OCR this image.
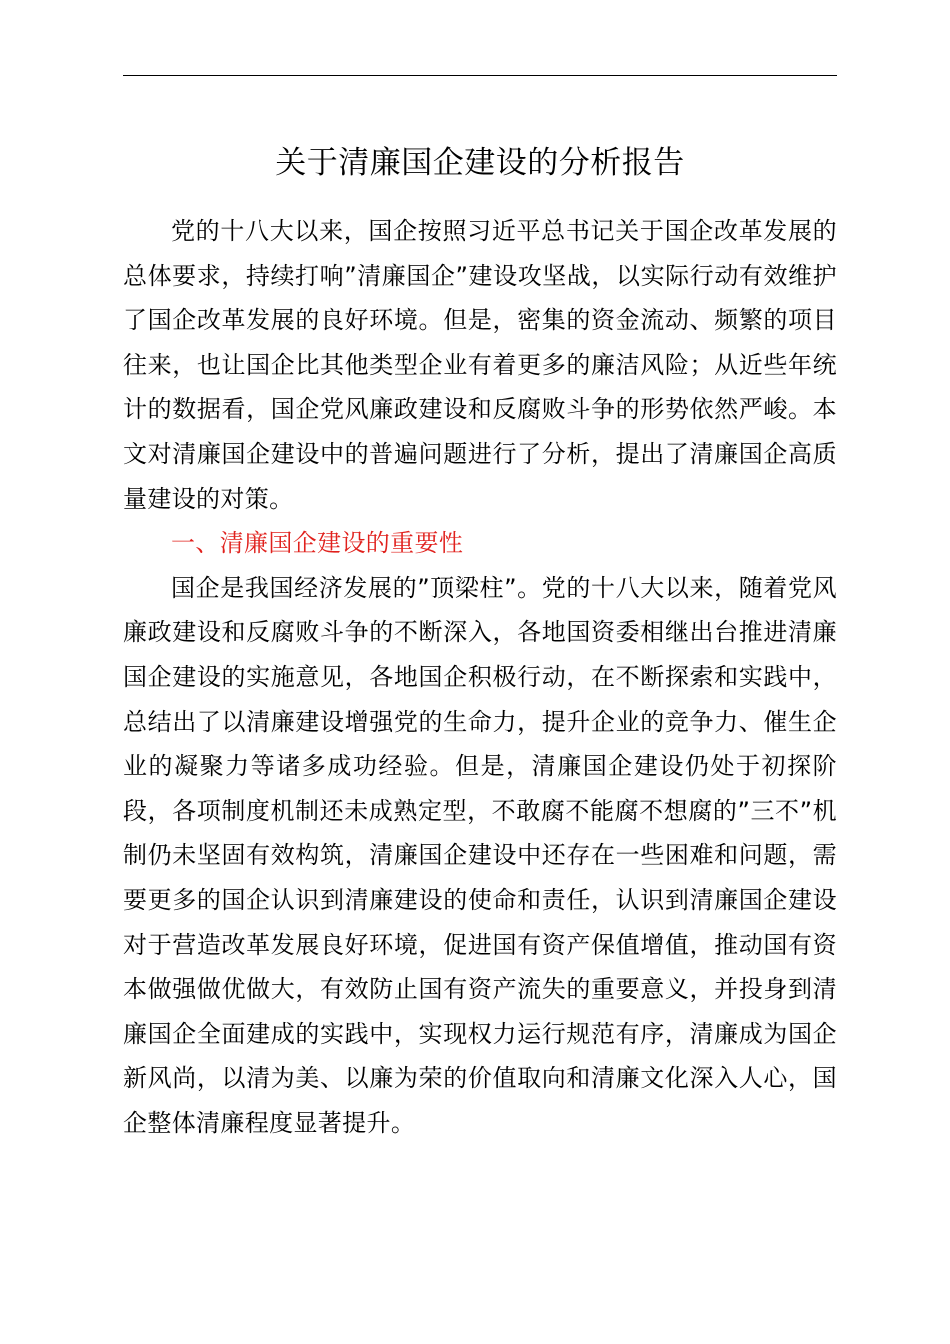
关于清廉国企建设的分析报告

党的十八大以来，国企按照习近平总书记关于国企改革发展的总体要求，持续打响”清廉国企”建设攻坚战，以实际行动有效维护了国企改革发展的良好环境。但是，密集的资金流动、频繁的项目往来，也让国企比其他类型企业有着更多的廉洁风险；从近些年统计的数据看，国企党风廉政建设和反腐败斗争的形势依然严峻。本文对清廉国企建设中的普遍问题进行了分析，提出了清廉国企高质量建设的对策。

一、清廉国企建设的重要性

国企是我国经济发展的”顶梁柱”。党的十八大以来，随着党风廉政建设和反腐败斗争的不断深入，各地国资委相继出台推进清廉国企建设的实施意见，各地国企积极行动，在不断探索和实践中，总结出了以清廉建设增强党的生命力，提升企业的竞争力、催生企业的凝聚力等诸多成功经验。但是，清廉国企建设仍处于初探阶段，各项制度机制还未成熟定型，不敢腐不能腐不想腐的”三不”机制仍未坚固有效构筑，清廉国企建设中还存在一些困难和问题，需要更多的国企认识到清廉建设的使命和责任，认识到清廉国企建设对于营造改革发展良好环境，促进国有资产保值增值，推动国有资本做强做优做大，有效防止国有资产流失的重要意义，并投身到清廉国企全面建成的实践中，实现权力运行规范有序，清廉成为国企新风尚，以清为美、以廉为荣的价值取向和清廉文化深入人心，国企整体清廉程度显著提升。
